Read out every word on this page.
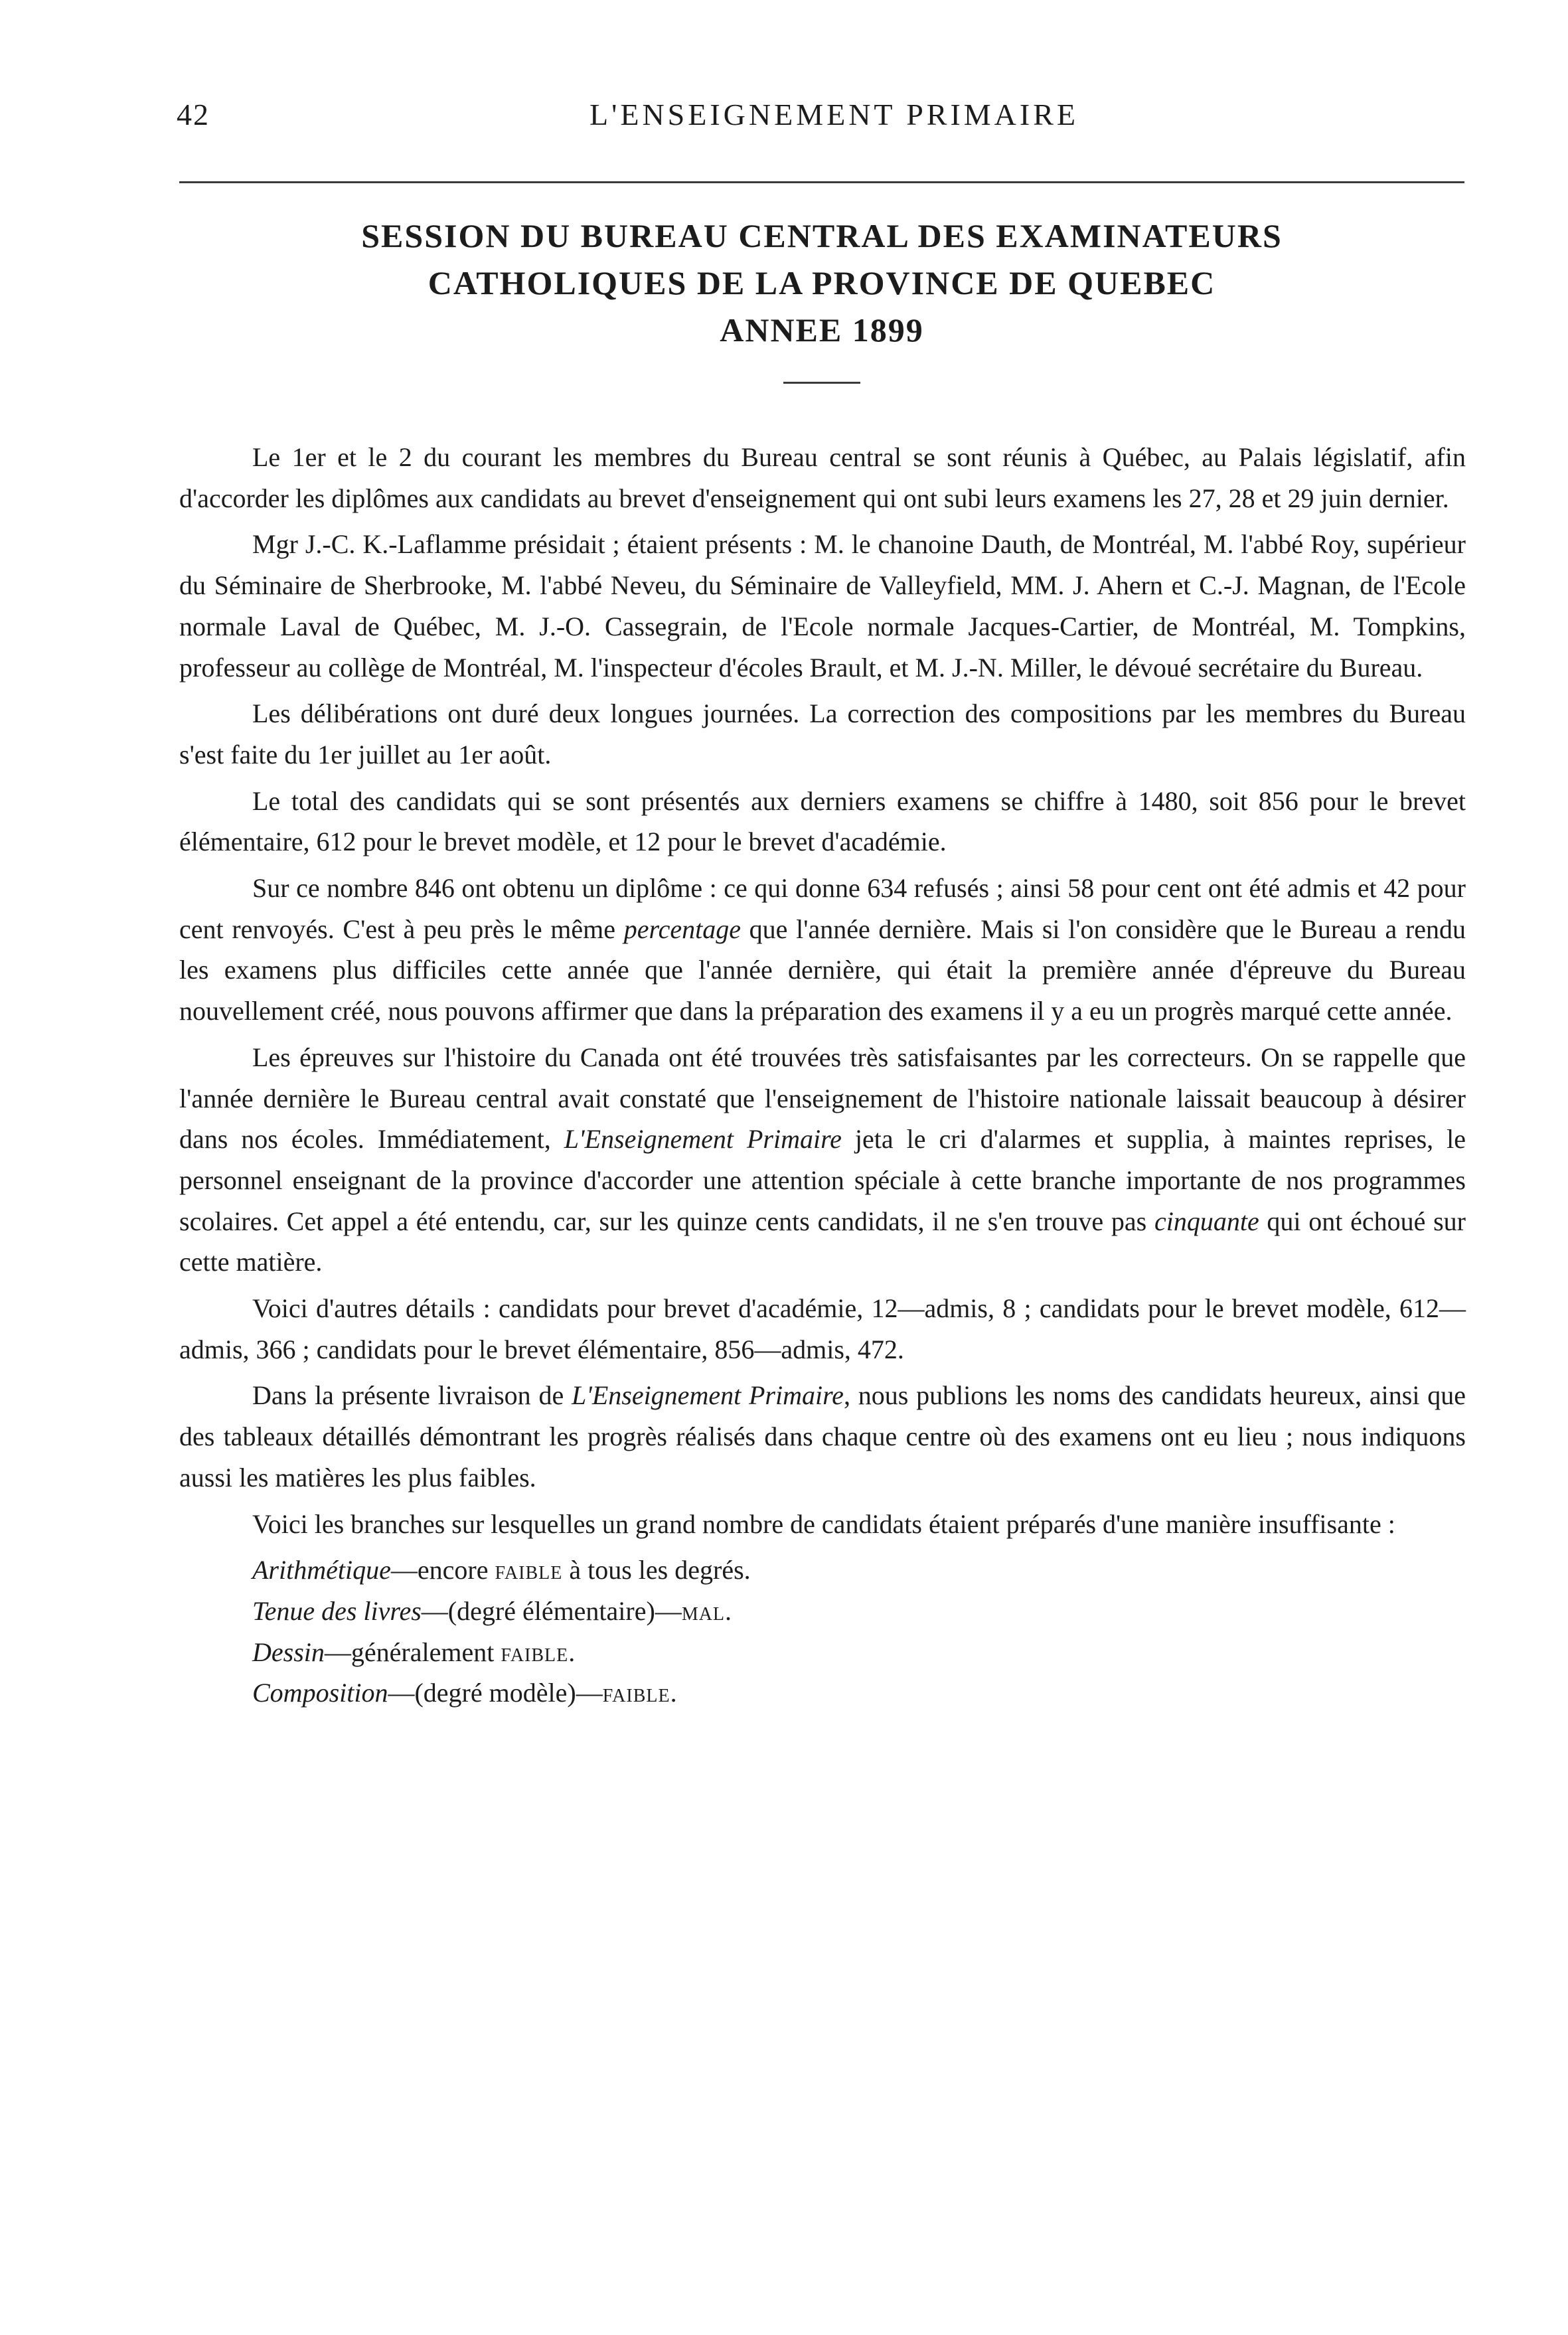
42	L'ENSEIGNEMENT PRIMAIRE
SESSION DU BUREAU CENTRAL DES EXAMINATEURS
CATHOLIQUES DE LA PROVINCE DE QUEBEC
ANNEE 1899

Le 1er et le 2 du courant les membres du Bureau central se sont réunis à Québec, au Palais législatif, afin d'accorder les diplômes aux candidats au brevet d'enseignement qui ont subi leurs examens les 27, 28 et 29 juin dernier.

Mgr J.-C. K.-Laflamme présidait ; étaient présents : M. le chanoine Dauth, de Montréal, M. l'abbé Roy, supérieur du Séminaire de Sherbrooke, M. l'abbé Neveu, du Séminaire de Valleyfield, MM. J. Ahern et C.-J. Magnan, de l'Ecole normale Laval de Québec, M. J.-O. Cassegrain, de l'Ecole normale Jacques-Cartier, de Montréal, M. Tompkins, professeur au collège de Montréal, M. l'inspecteur d'écoles Brault, et M. J.-N. Miller, le dévoué secrétaire du Bureau.

Les délibérations ont duré deux longues journées. La correction des compositions par les membres du Bureau s'est faite du 1er juillet au 1er août.

Le total des candidats qui se sont présentés aux derniers examens se chiffre à 1480, soit 856 pour le brevet élémentaire, 612 pour le brevet modèle, et 12 pour le brevet d'académie.

Sur ce nombre 846 ont obtenu un diplôme : ce qui donne 634 refusés ; ainsi 58 pour cent ont été admis et 42 pour cent renvoyés. C'est à peu près le même percentage que l'année dernière. Mais si l'on considère que le Bureau a rendu les examens plus difficiles cette année que l'année dernière, qui était la première année d'épreuve du Bureau nouvellement créé, nous pouvons affirmer que dans la préparation des examens il y a eu un progrès marqué cette année.

Les épreuves sur l'histoire du Canada ont été trouvées très satisfaisantes par les correcteurs. On se rappelle que l'année dernière le Bureau central avait constaté que l'enseignement de l'histoire nationale laissait beaucoup à désirer dans nos écoles. Immédiatement, L'Enseignement Primaire jeta le cri d'alarmes et supplia, à maintes reprises, le personnel enseignant de la province d'accorder une attention spéciale à cette branche importante de nos programmes scolaires. Cet appel a été entendu, car, sur les quinze cents candidats, il ne s'en trouve pas cinquante qui ont échoué sur cette matière.

Voici d'autres détails : candidats pour brevet d'académie, 12—admis, 8 ; candidats pour le brevet modèle, 612—admis, 366 ; candidats pour le brevet élémentaire, 856—admis, 472.

Dans la présente livraison de L'Enseignement Primaire, nous publions les noms des candidats heureux, ainsi que des tableaux détaillés démontrant les progrès réalisés dans chaque centre où des examens ont eu lieu ; nous indiquons aussi les matières les plus faibles.

Voici les branches sur lesquelles un grand nombre de candidats étaient préparés d'une manière insuffisante :

Arithmétique—encore faible à tous les degrés.
Tenue des livres—(degré élémentaire)—mal.
Dessin—généralement faible.
Composition—(degré modèle)—faible.
